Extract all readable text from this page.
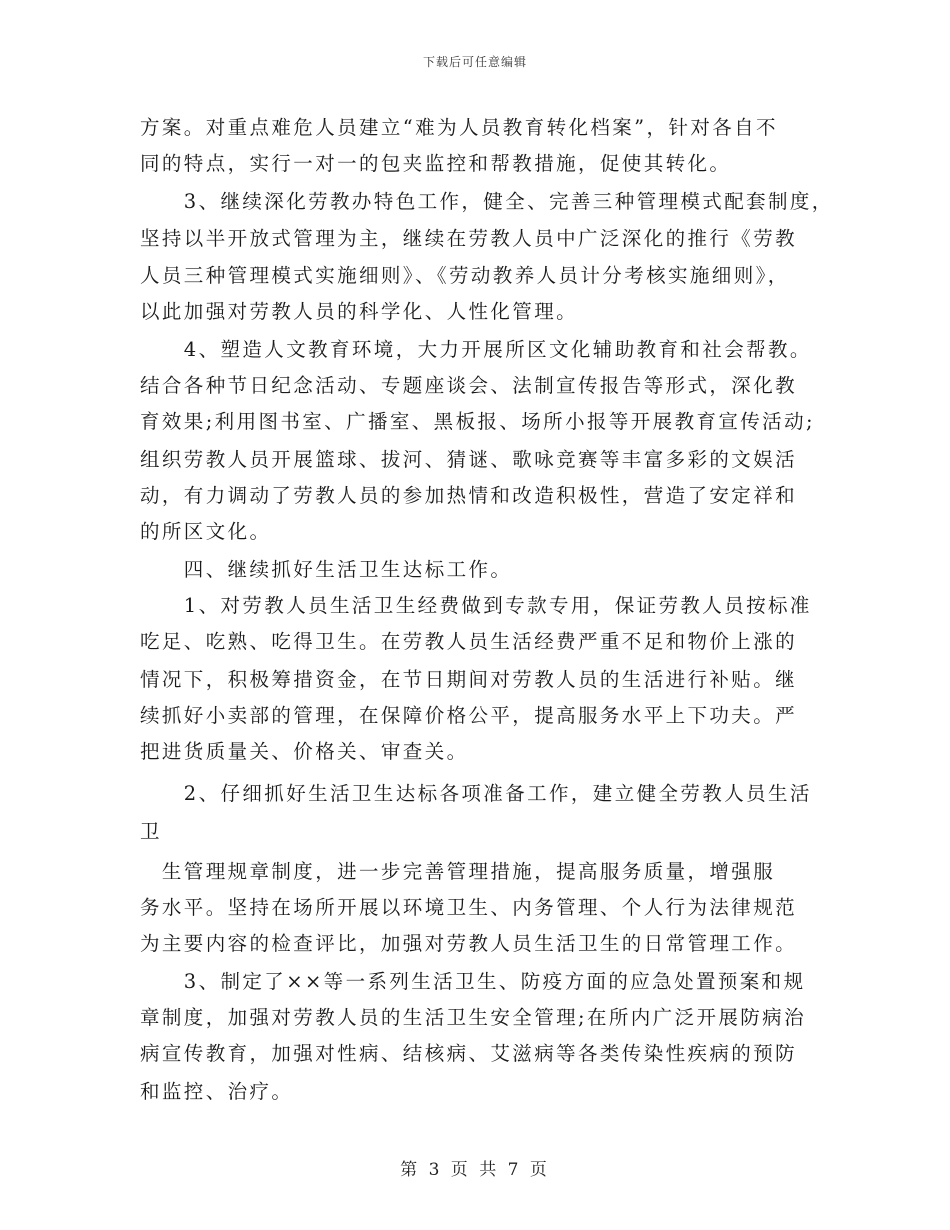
下载后可任意编辑
方案。对重点难危人员建立“难为人员教育转化档案”，针对各自不
同的特点，实行一对一的包夹监控和帮教措施，促使其转化。
　　3、继续深化劳教办特色工作，健全、完善三种管理模式配套制度，
坚持以半开放式管理为主，继续在劳教人员中广泛深化的推行《劳教
人员三种管理模式实施细则》、《劳动教养人员计分考核实施细则》，
以此加强对劳教人员的科学化、人性化管理。
　　4、塑造人文教育环境，大力开展所区文化辅助教育和社会帮教。
结合各种节日纪念活动、专题座谈会、法制宣传报告等形式，深化教
育效果;利用图书室、广播室、黑板报、场所小报等开展教育宣传活动;
组织劳教人员开展篮球、拔河、猜谜、歌咏竞赛等丰富多彩的文娱活
动，有力调动了劳教人员的参加热情和改造积极性，营造了安定祥和
的所区文化。
　　四、继续抓好生活卫生达标工作。
　　1、对劳教人员生活卫生经费做到专款专用，保证劳教人员按标准
吃足、吃熟、吃得卫生。在劳教人员生活经费严重不足和物价上涨的
情况下，积极筹措资金，在节日期间对劳教人员的生活进行补贴。继
续抓好小卖部的管理，在保障价格公平，提高服务水平上下功夫。严
把进货质量关、价格关、审查关。
　　2、仔细抓好生活卫生达标各项准备工作，建立健全劳教人员生活
卫
　生管理规章制度，进一步完善管理措施，提高服务质量，增强服
务水平。坚持在场所开展以环境卫生、内务管理、个人行为法律规范
为主要内容的检查评比，加强对劳教人员生活卫生的日常管理工作。
　　3、制定了××等一系列生活卫生、防疫方面的应急处置预案和规
章制度，加强对劳教人员的生活卫生安全管理;在所内广泛开展防病治
病宣传教育，加强对性病、结核病、艾滋病等各类传染性疾病的预防
和监控、治疗。
第 3 页 共 7 页
